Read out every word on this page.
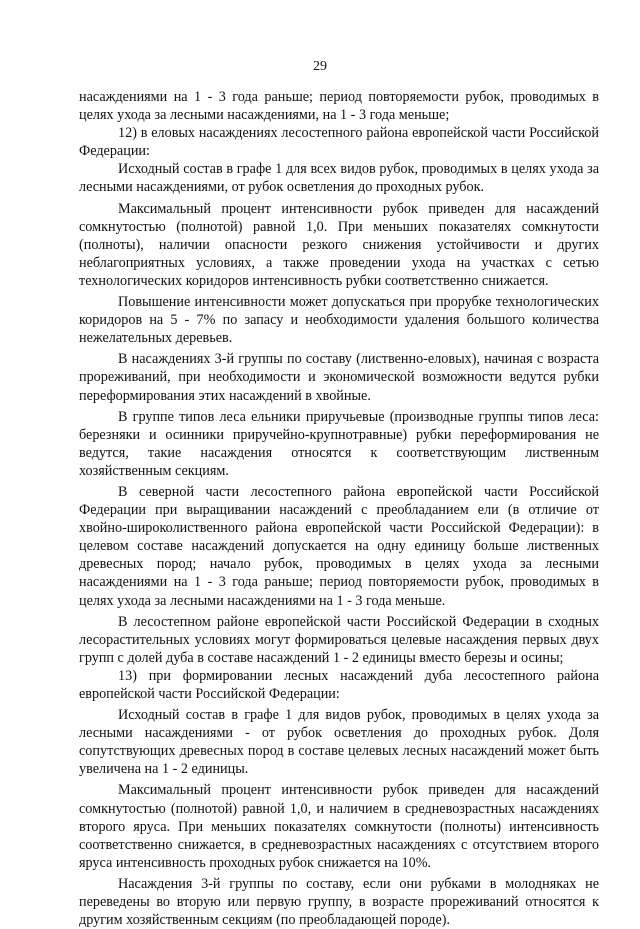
29

насаждениями на 1 - 3 года раньше; период повторяемости рубок, проводимых в целях ухода за лесными насаждениями, на 1 - 3 года меньше;

12) в еловых насаждениях лесостепного района европейской части Российской Федерации:

Исходный состав в графе 1 для всех видов рубок, проводимых в целях ухода за лесными насаждениями, от рубок осветления до проходных рубок.

Максимальный процент интенсивности рубок приведен для насаждений сомкнутостью (полнотой) равной 1,0. При меньших показателях сомкнутости (полноты), наличии опасности резкого снижения устойчивости и других неблагоприятных условиях, а также проведении ухода на участках с сетью технологических коридоров интенсивность рубки соответственно снижается.

Повышение интенсивности может допускаться при прорубке технологических коридоров на 5 - 7% по запасу и необходимости удаления большого количества нежелательных деревьев.

В насаждениях 3-й группы по составу (лиственно-еловых), начиная с возраста прореживаний, при необходимости и экономической возможности ведутся рубки переформирования этих насаждений в хвойные.

В группе типов леса ельники приручьевые (производные группы типов леса: березняки и осинники приручейно-крупнотравные) рубки переформирования не ведутся, такие насаждения относятся к соответствующим лиственным хозяйственным секциям.

В северной части лесостепного района европейской части Российской Федерации при выращивании насаждений с преобладанием ели (в отличие от хвойно-широколиственного района европейской части Российской Федерации): в целевом составе насаждений допускается на одну единицу больше лиственных древесных пород; начало рубок, проводимых в целях ухода за лесными насаждениями на 1 - 3 года раньше; период повторяемости рубок, проводимых в целях ухода за лесными насаждениями на 1 - 3 года меньше.

В лесостепном районе европейской части Российской Федерации в сходных лесорастительных условиях могут формироваться целевые насаждения первых двух групп с долей дуба в составе насаждений 1 - 2 единицы вместо березы и осины;

13) при формировании лесных насаждений дуба лесостепного района европейской части Российской Федерации:

Исходный состав в графе 1 для видов рубок, проводимых в целях ухода за лесными насаждениями - от рубок осветления до проходных рубок. Доля сопутствующих древесных пород в составе целевых лесных насаждений может быть увеличена на 1 - 2 единицы.

Максимальный процент интенсивности рубок приведен для насаждений сомкнутостью (полнотой) равной 1,0, и наличием в средневозрастных насаждениях второго яруса. При меньших показателях сомкнутости (полноты) интенсивность соответственно снижается, в средневозрастных насаждениях с отсутствием второго яруса интенсивность проходных рубок снижается на 10%.

Насаждения 3-й группы по составу, если они рубками в молодняках не переведены во вторую или первую группу, в возрасте прореживаний относятся к другим хозяйственным секциям (по преобладающей породе).
